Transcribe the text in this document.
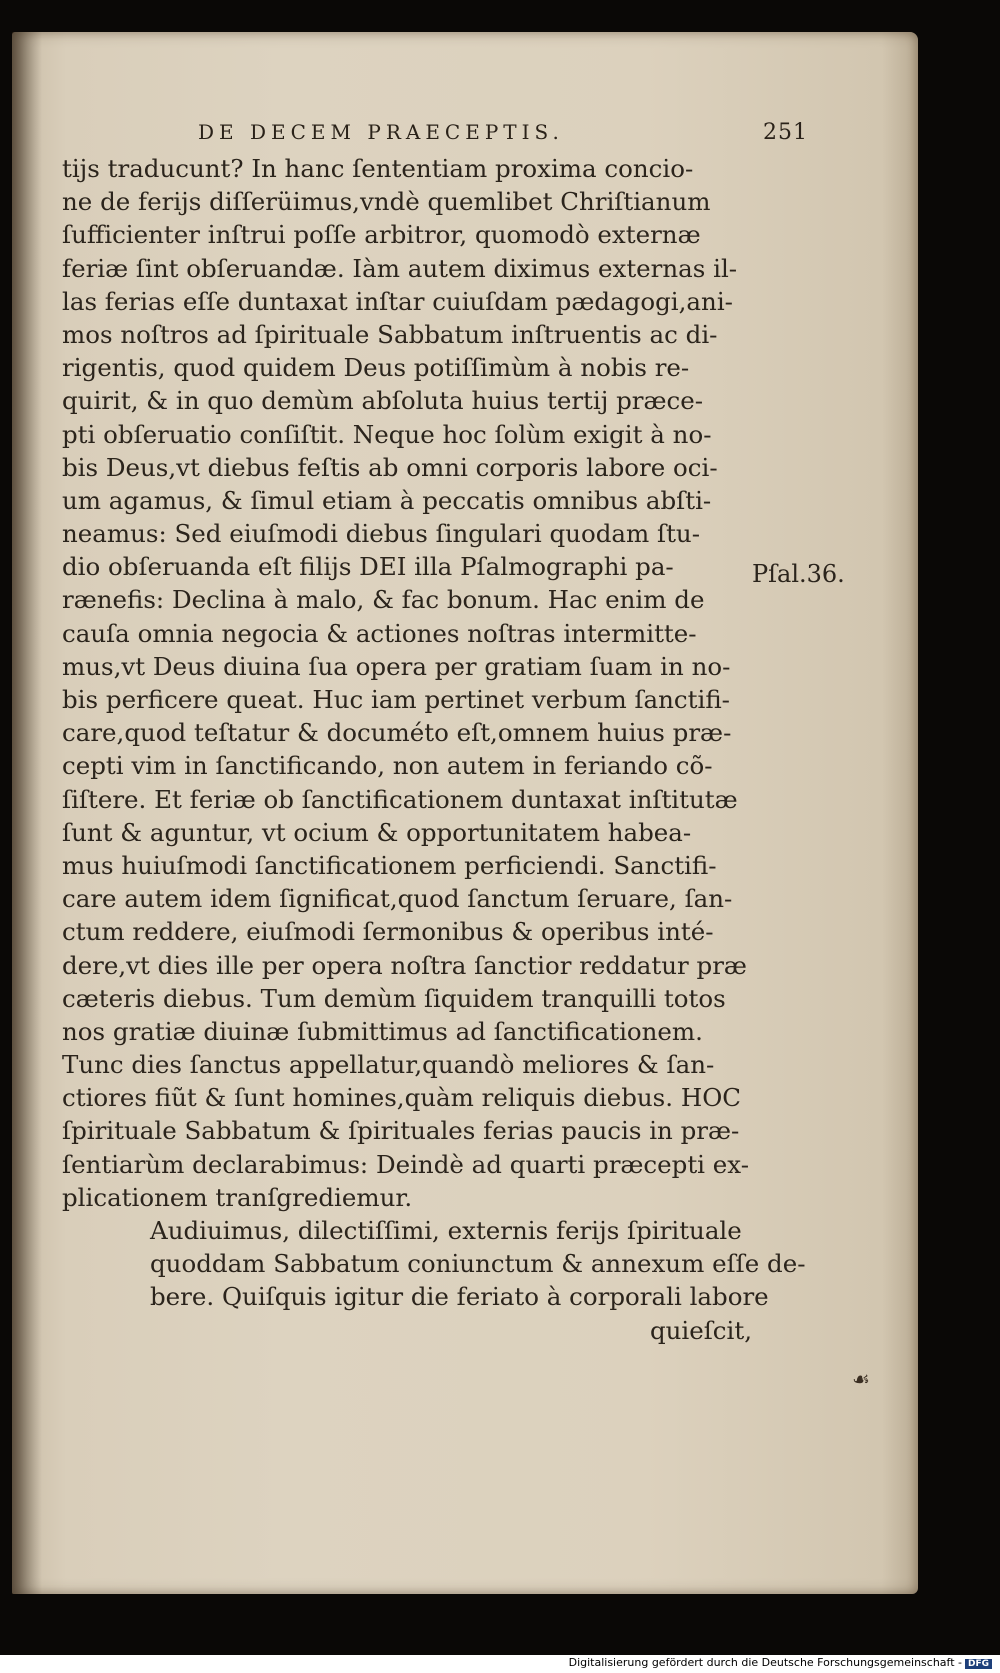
DE DECEM PRAECEPTIS.	251
tijs traducunt? In hanc ſententiam proxima concio-
ne de ferijs diſſerüimus,vndè quemlibet Chriſtianum
ſufficienter inſtrui poſſe arbitror, quomodò externæ
feriæ ſint obſeruandæ. Iàm autem diximus externas il-
las ferias eſſe duntaxat inſtar cuiuſdam pædagogi,ani-
mos noſtros ad ſpirituale Sabbatum inſtruentis ac di-
rigentis, quod quidem Deus potiſſimùm à nobis re-
quirit, & in quo demùm abſoluta huius tertij præce-
pti obſeruatio conſiſtit. Neque hoc ſolùm exigit à no-
bis Deus,vt diebus feſtis ab omni corporis labore oci-
um agamus, & ſimul etiam à peccatis omnibus abſti-
neamus: Sed eiuſmodi diebus ſingulari quodam ſtu-
dio obſeruanda eſt filijs DEI illa Pſalmographi pa-
rænefis: Declina à malo, & fac bonum. Hac enim de
cauſa omnia negocia & actiones noſtras intermitte-
mus,vt Deus diuina ſua opera per gratiam ſuam in no-
bis perficere queat. Huc iam pertinet verbum ſanctifi-
care,quod teſtatur & documéto eſt,omnem huius præ-
cepti vim in ſanctificando, non autem in feriando cõ-
ſiſtere. Et feriæ ob ſanctificationem duntaxat inſtitutæ
ſunt & aguntur, vt ocium & opportunitatem habea-
mus huiuſmodi ſanctificationem perficiendi. Sanctifi-
care autem idem ſignificat,quod ſanctum ſeruare, ſan-
ctum reddere, eiuſmodi ſermonibus & operibus inté-
dere,vt dies ille per opera noſtra ſanctior reddatur præ
cæteris diebus. Tum demùm ſiquidem tranquilli totos
nos gratiæ diuinæ ſubmittimus ad ſanctificationem.
Tunc dies ſanctus appellatur,quandò meliores & ſan-
ctiores fiũt & ſunt homines,quàm reliquis diebus. HOC
ſpirituale Sabbatum & ſpirituales ferias paucis in præ-
ſentiarùm declarabimus: Deindè ad quarti præcepti ex-
plicationem tranſgrediemur.
Audiuimus, dilectiſſimi, externis ferijs ſpirituale
quoddam Sabbatum coniunctum & annexum eſſe de-
bere. Quiſquis igitur die feriato à corporali labore
quieſcit,
Pſal.36.
☙
Digitalisierung gefördert durch die Deutsche Forschungsgemeinschaft - DFG
